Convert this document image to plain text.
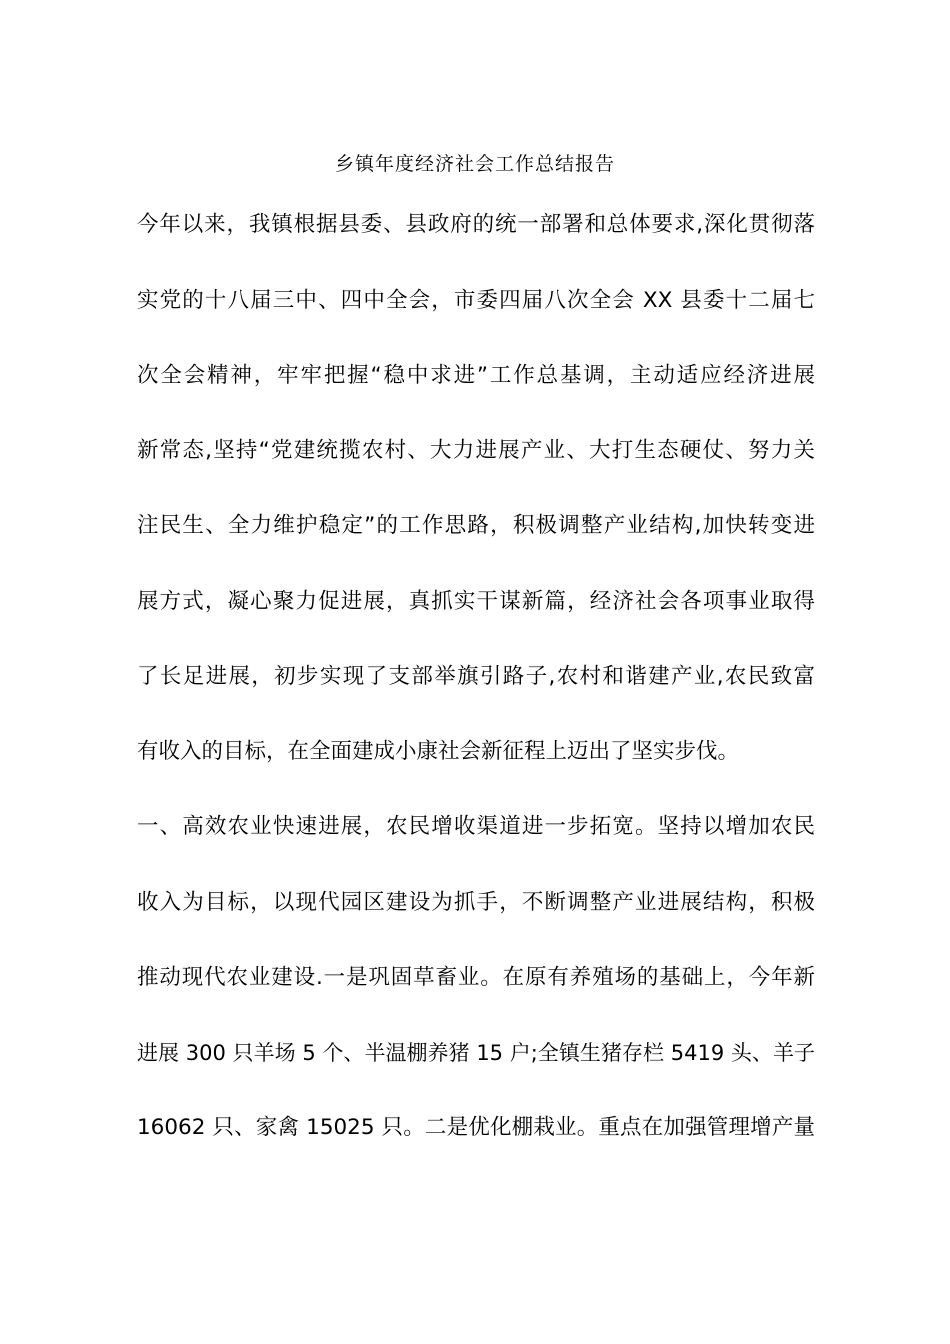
乡镇年度经济社会工作总结报告
今年以来，我镇根据县委、县政府的统一部署和总体要求,深化贯彻落
实党的十八届三中、四中全会，市委四届八次全会 XX 县委十二届七
次全会精神，牢牢把握“稳中求进”工作总基调，主动适应经济进展
新常态,坚持“党建统揽农村、大力进展产业、大打生态硬仗、努力关
注民生、全力维护稳定”的工作思路，积极调整产业结构,加快转变进
展方式，凝心聚力促进展，真抓实干谋新篇，经济社会各项事业取得
了长足进展，初步实现了支部举旗引路子,农村和谐建产业,农民致富
有收入的目标，在全面建成小康社会新征程上迈出了坚实步伐。
一、高效农业快速进展，农民增收渠道进一步拓宽。坚持以增加农民
收入为目标，以现代园区建设为抓手，不断调整产业进展结构，积极
推动现代农业建设.一是巩固草畜业。在原有养殖场的基础上，今年新
进展 300 只羊场 5 个、半温棚养猪 15 户;全镇生猪存栏 5419 头、羊子
16062 只、家禽 15025 只。二是优化棚栽业。重点在加强管理增产量
